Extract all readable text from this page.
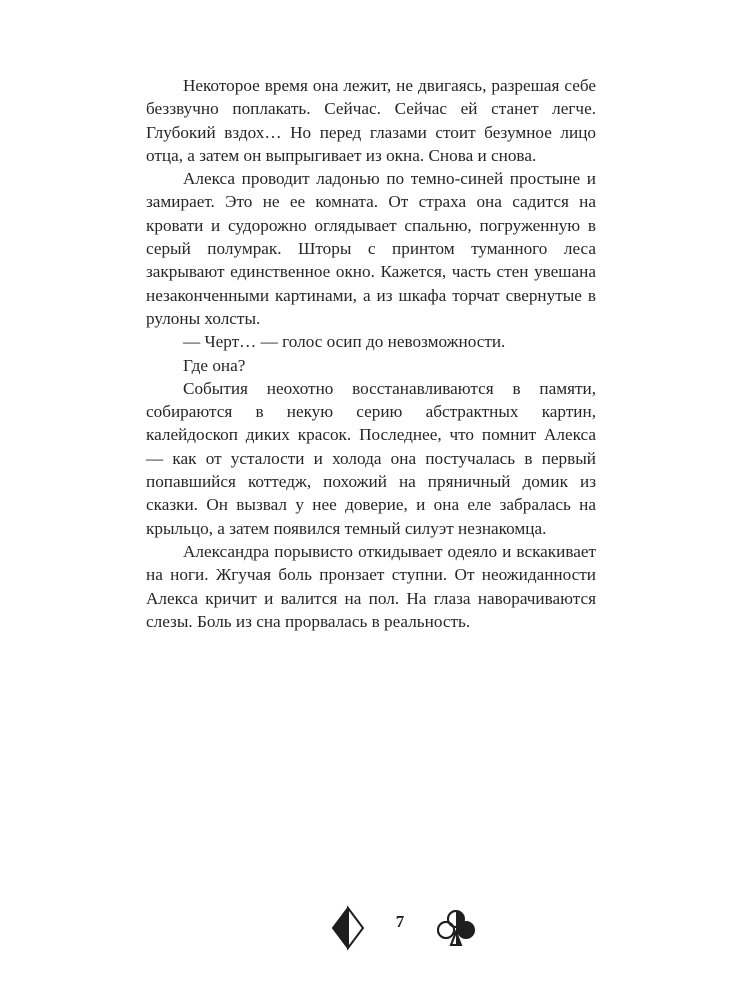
Некоторое время она лежит, не двигаясь, разрешая себе беззвучно поплакать. Сейчас. Сейчас ей станет легче. Глубокий вздох… Но перед глазами стоит безумное лицо отца, а затем он выпрыгивает из окна. Снова и снова.

Алекса проводит ладонью по темно-синей простыне и замирает. Это не ее комната. От страха она садится на кровати и судорожно оглядывает спальню, погруженную в серый полумрак. Шторы с принтом туманного леса закрывают единственное окно. Кажется, часть стен увешана незаконченными картинами, а из шкафа торчат свернутые в рулоны холсты.

— Черт… — голос осип до невозможности.

Где она?

События неохотно восстанавливаются в памяти, собираются в некую серию абстрактных картин, калейдоскоп диких красок. Последнее, что помнит Алекса — как от усталости и холода она постучалась в первый попавшийся коттедж, похожий на пряничный домик из сказки. Он вызвал у нее доверие, и она еле забралась на крыльцо, а затем появился темный силуэт незнакомца.

Александра порывисто откидывает одеяло и вскакивает на ноги. Жгучая боль пронзает ступни. От неожиданности Алекса кричит и валится на пол. На глаза наворачиваются слезы. Боль из сна прорвалась в реальность.

7
